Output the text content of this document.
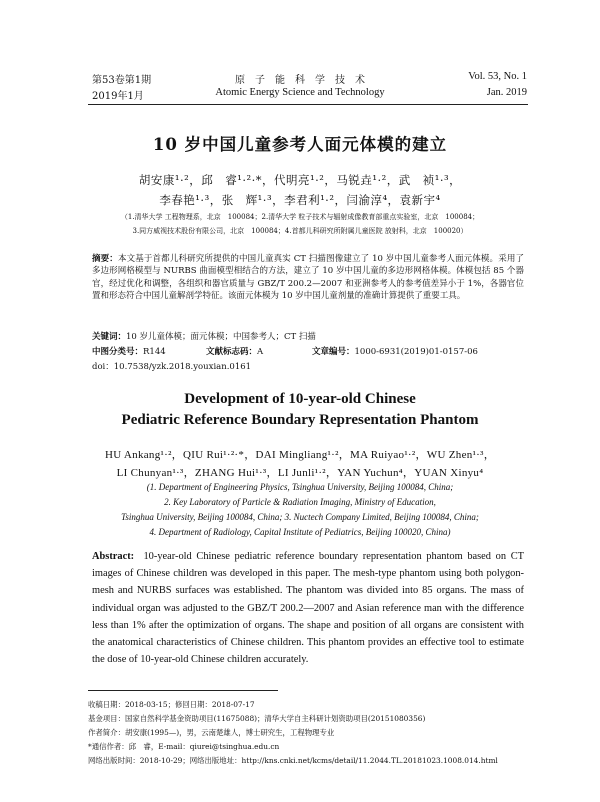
第53卷第1期
2019年1月
原　子　能　科　学　技　术
Atomic Energy Science and Technology
Vol. 53, No. 1
Jan. 2019
10 岁中国儿童参考人面元体模的建立
胡安康¹·²，邱　睿¹·²·*，代明亮¹·²，马锐垚¹·²，武　祯¹·³，
李春艳¹·³，张　辉¹·³，李君利¹·²，闫渝淳⁴，袁新宇⁴
（1.清华大学 工程物理系，北京　100084；2.清华大学 粒子技术与辐射成像教育部重点实验室，北京　100084；
3.同方威视技术股份有限公司，北京　100084；4.首都儿科研究所附属儿童医院 放射科，北京　100020）
摘要：本文基于首都儿科研究所提供的中国儿童真实 CT 扫描图像建立了 10 岁中国儿童参考人面元体模。采用了多边形网格模型与 NURBS 曲面模型相结合的方法，建立了 10 岁中国儿童的多边形网格体模。体模包括 85 个器官，经过优化和调整，各组织和器官质量与 GBZ/T 200.2—2007 和亚洲参考人的参考值差异小于 1%，各器官位置和形态符合中国儿童解剖学特征。该面元体模为 10 岁中国儿童剂量的准确计算提供了重要工具。
关键词：10 岁儿童体模；面元体模；中国参考人；CT 扫描
中图分类号：R144	文献标志码：A	文章编号：1000-6931(2019)01-0157-06
doi：10.7538/yzk.2018.youxian.0161
Development of 10-year-old Chinese
Pediatric Reference Boundary Representation Phantom
HU Ankang¹·²，QIU Rui¹·²·*，DAI Mingliang¹·²，MA Ruiyao¹·²，WU Zhen¹·³，
LI Chunyan¹·³，ZHANG Hui¹·³，LI Junli¹·²，YAN Yuchun⁴，YUAN Xinyu⁴
(1. Department of Engineering Physics, Tsinghua University, Beijing 100084, China;
2. Key Laboratory of Particle & Radiation Imaging, Ministry of Education,
Tsinghua University, Beijing 100084, China; 3. Nuctech Company Limited, Beijing 100084, China;
4. Department of Radiology, Capital Institute of Pediatrics, Beijing 100020, China)
Abstract: 10-year-old Chinese pediatric reference boundary representation phantom based on CT images of Chinese children was developed in this paper. The mesh-type phantom using both polygon-mesh and NURBS surfaces was established. The phantom was divided into 85 organs. The mass of individual organ was adjusted to the GBZ/T 200.2—2007 and Asian reference man with the difference less than 1% after the optimization of organs. The shape and position of all organs are consistent with the anatomical characteristics of Chinese children. This phantom provides an effective tool to estimate the dose of 10-year-old Chinese children accurately.
收稿日期：2018-03-15；修回日期：2018-07-17
基金项目：国家自然科学基金资助项目(11675088)；清华大学自主科研计划资助项目(20151080356)
作者简介：胡安康(1995—)，男，云南楚雄人，博士研究生，工程物理专业
*通信作者：邱　睿，E-mail：qiurei@tsinghua.edu.cn
网络出版时间：2018-10-29；网络出版地址：http://kns.cnki.net/kcms/detail/11.2044.TL.20181023.1008.014.html
